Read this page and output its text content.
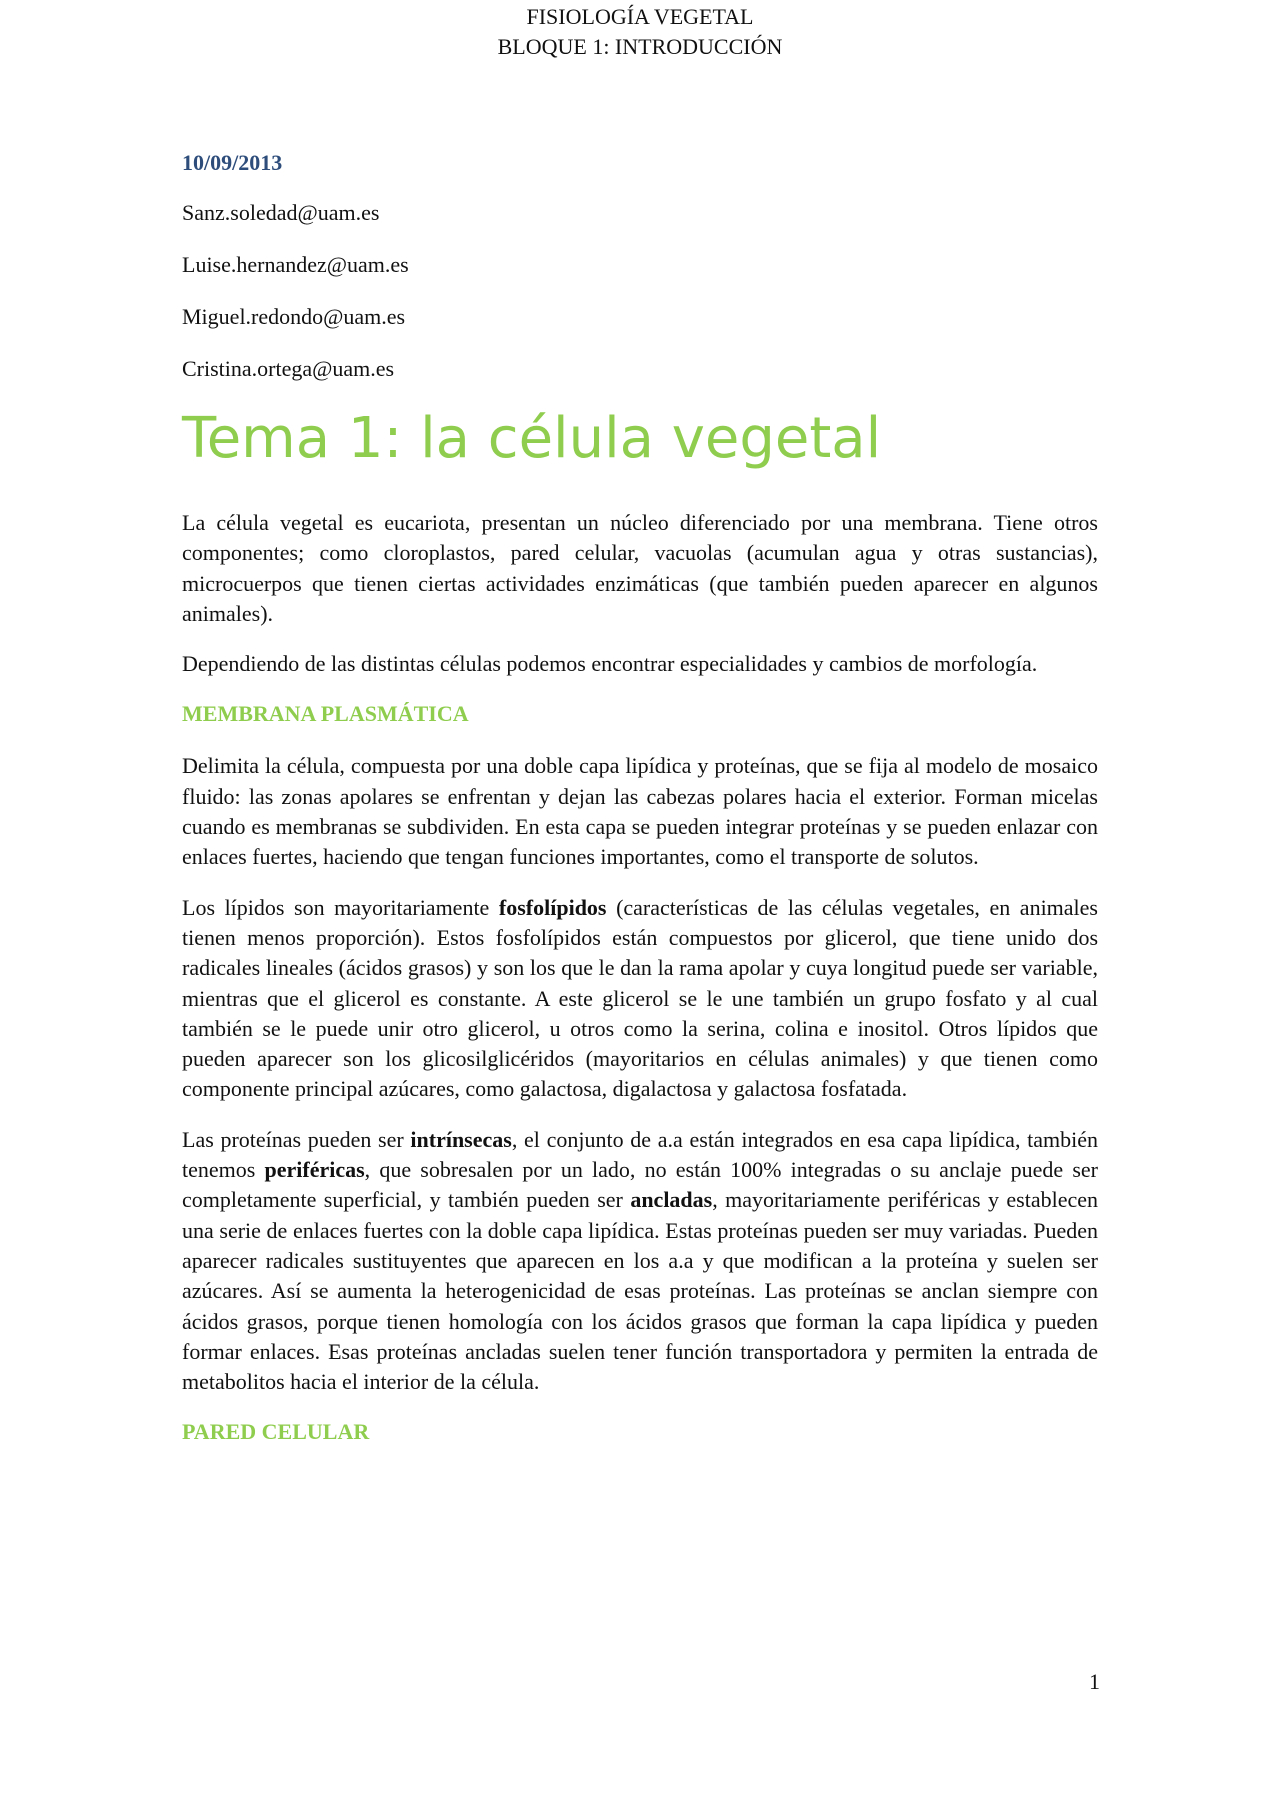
FISIOLOGÍA VEGETAL
BLOQUE 1: INTRODUCCIÓN
10/09/2013
Sanz.soledad@uam.es
Luise.hernandez@uam.es
Miguel.redondo@uam.es
Cristina.ortega@uam.es
Tema 1: la célula vegetal

La célula vegetal es eucariota, presentan un núcleo diferenciado por una membrana. Tiene otros componentes; como cloroplastos, pared celular, vacuolas (acumulan agua y otras sustancias), microcuerpos que tienen ciertas actividades enzimáticas (que también pueden aparecer en algunos animales).

Dependiendo de las distintas células podemos encontrar especialidades y cambios de morfología.

MEMBRANA PLASMÁTICA

Delimita la célula, compuesta por una doble capa lipídica y proteínas, que se fija al modelo de mosaico fluido: las zonas apolares se enfrentan y dejan las cabezas polares hacia el exterior. Forman micelas cuando es membranas se subdividen. En esta capa se pueden integrar proteínas y se pueden enlazar con enlaces fuertes, haciendo que tengan funciones importantes, como el transporte de solutos.

Los lípidos son mayoritariamente fosfolípidos (características de las células vegetales, en animales tienen menos proporción). Estos fosfolípidos están compuestos por glicerol, que tiene unido dos radicales lineales (ácidos grasos) y son los que le dan la rama apolar y cuya longitud puede ser variable, mientras que el glicerol es constante. A este glicerol se le une también un grupo fosfato y al cual también se le puede unir otro glicerol, u otros como la serina, colina e inositol. Otros lípidos que pueden aparecer son los glicosilglicéridos (mayoritarios en células animales) y que tienen como componente principal azúcares, como galactosa, digalactosa y galactosa fosfatada.

Las proteínas pueden ser intrínsecas, el conjunto de a.a están integrados en esa capa lipídica, también tenemos periféricas, que sobresalen por un lado, no están 100% integradas o su anclaje puede ser completamente superficial, y también pueden ser ancladas, mayoritariamente periféricas y establecen una serie de enlaces fuertes con la doble capa lipídica. Estas proteínas pueden ser muy variadas. Pueden aparecer radicales sustituyentes que aparecen en los a.a y que modifican a la proteína y suelen ser azúcares. Así se aumenta la heterogenicidad de esas proteínas. Las proteínas se anclan siempre con ácidos grasos, porque tienen homología con los ácidos grasos que forman la capa lipídica y pueden formar enlaces. Esas proteínas ancladas suelen tener función transportadora y permiten la entrada de metabolitos hacia el interior de la célula.

PARED CELULAR
1
